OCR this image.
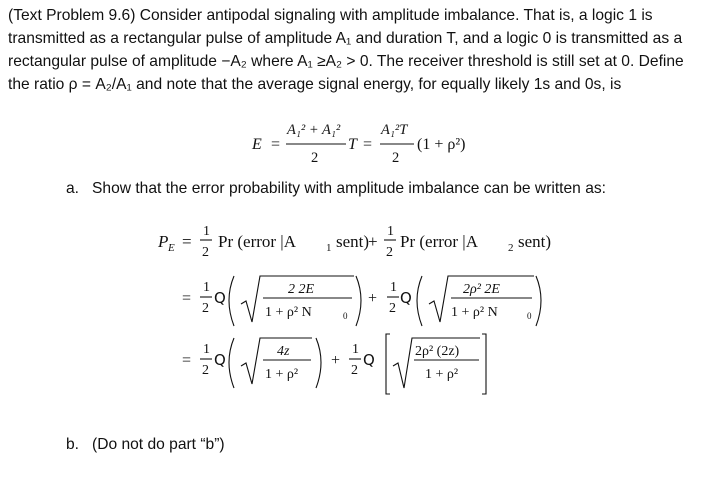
(Text Problem 9.6) Consider antipodal signaling with amplitude imbalance. That is, a logic 1 is
transmitted as a rectangular pulse of amplitude A₁ and duration T, and a logic 0 is transmitted as a
rectangular pulse of amplitude −A₂ where A₁ ≥A₂ > 0. The receiver threshold is still set at 0. Define
the ratio ρ = A₂/A₁ and note that the average signal energy, for equally likely 1s and 0s, is
E =
A₁² + A₁²
2
T =
A₁²T
2
(1 + ρ²)
P E =
1
2
Pr (error |A	1 sent)
+
1
2
Pr (error |A	2 sent)
=
1
2
Q	2 2E
1 + ρ² N	0
+
1
2
Q	2ρ² 2E
1 + ρ² N	0
=
1
2
Q	4z
1 + ρ²
+
1
2
Q	2ρ² (2z)
1 + ρ²
a. Show that the error probability with amplitude imbalance can be written as:
b. (Do not do part “b”)
